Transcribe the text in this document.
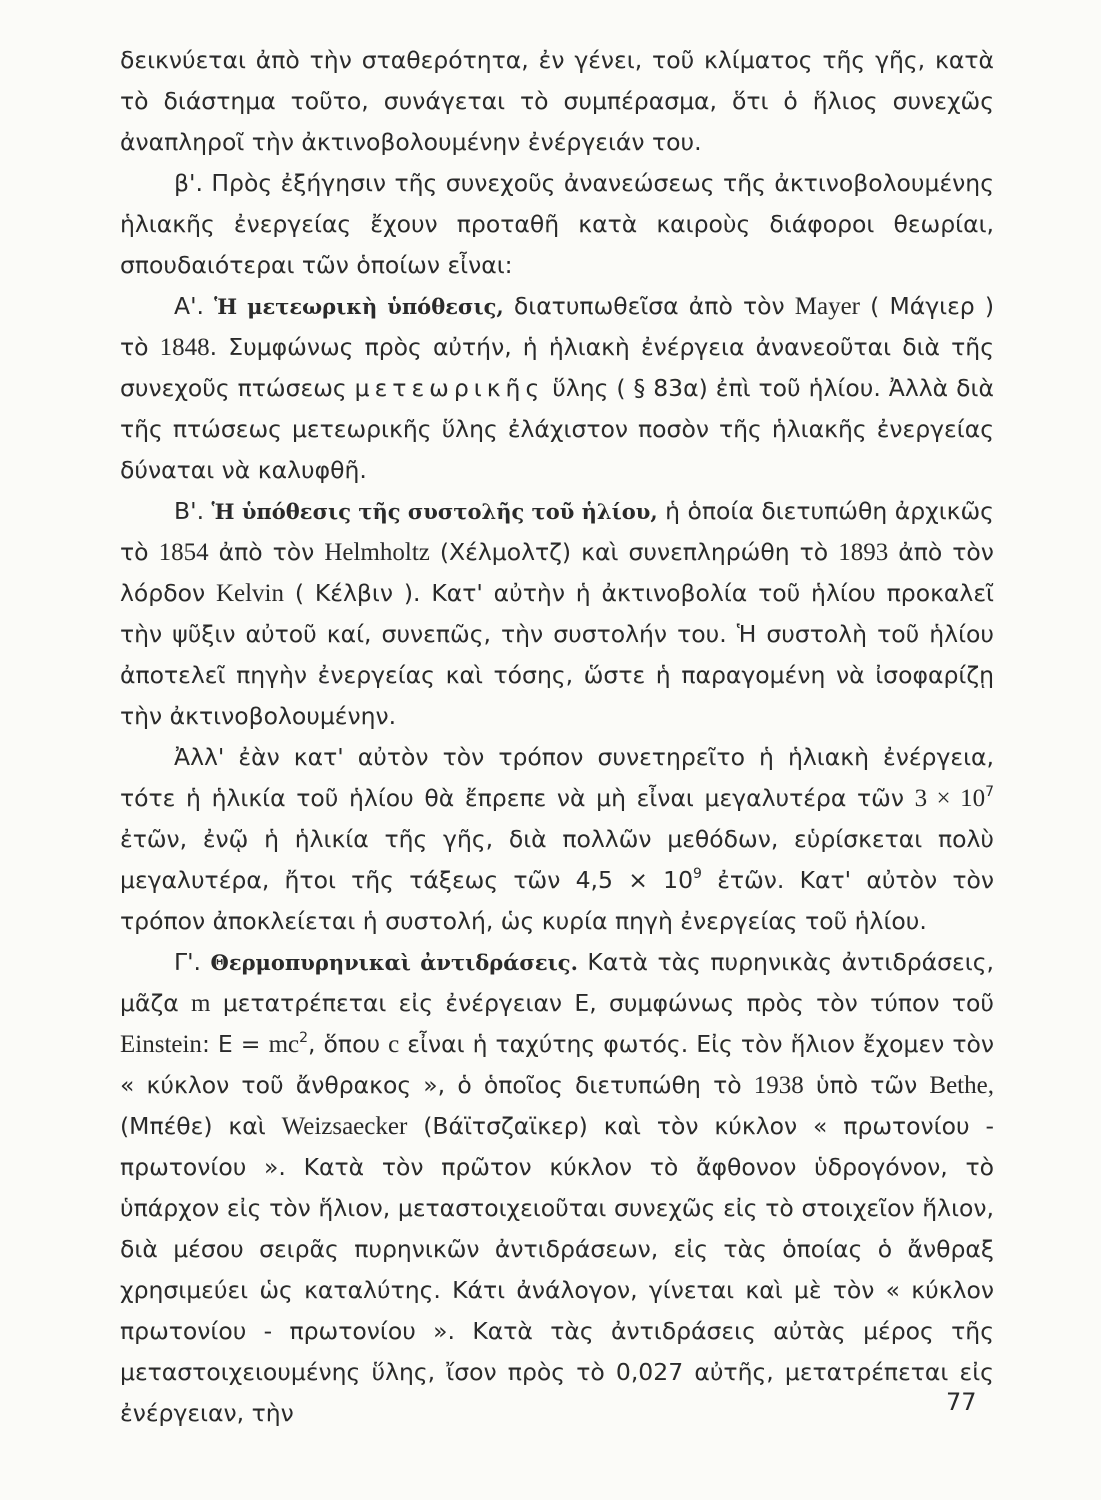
δεικνύεται ἀπὸ τὴν σταθερότητα, ἐν γένει, τοῦ κλίματος τῆς γῆς, κατὰ τὸ διάστημα τοῦτο, συνάγεται τὸ συμπέρασμα, ὅτι ὁ ἥλιος συνεχῶς ἀναπληροῖ τὴν ἀκτινοβολουμένην ἐνέργειάν του.

β'. Πρὸς ἐξήγησιν τῆς συνεχοῦς ἀνανεώσεως τῆς ἀκτινοβολουμένης ἡλιακῆς ἐνεργείας ἔχουν προταθῆ κατὰ καιροὺς διάφοροι θεωρίαι, σπουδαιότεραι τῶν ὁποίων εἶναι:

Α'. Ἡ μετεωρικὴ ὑπόθεσις, διατυπωθεῖσα ἀπὸ τὸν Mayer ( Μάγιερ ) τὸ 1848. Συμφώνως πρὸς αὐτήν, ἡ ἡλιακὴ ἐνέργεια ἀνανεοῦται διὰ τῆς συνεχοῦς πτώσεως μετεωρικῆς ὕλης ( § 83α) ἐπὶ τοῦ ἡλίου. Ἀλλὰ διὰ τῆς πτώσεως μετεωρικῆς ὕλης ἐλάχιστον ποσὸν τῆς ἡλιακῆς ἐνεργείας δύναται νὰ καλυφθῆ.

Β'. Ἡ ὑπόθεσις τῆς συστολῆς τοῦ ἡλίου, ἡ ὁποία διετυπώθη ἀρχικῶς τὸ 1854 ἀπὸ τὸν Helmholtz (Χέλμολτζ) καὶ συνεπληρώθη τὸ 1893 ἀπὸ τὸν λόρδον Kelvin ( Κέλβιν ). Κατ' αὐτὴν ἡ ἀκτινοβολία τοῦ ἡλίου προκαλεῖ τὴν ψῦξιν αὐτοῦ καί, συνεπῶς, τὴν συστολήν του. Ἡ συστολὴ τοῦ ἡλίου ἀποτελεῖ πηγὴν ἐνεργείας καὶ τόσης, ὥστε ἡ παραγομένη νὰ ἰσοφαρίζῃ τὴν ἀκτινοβολουμένην.

Ἀλλ' ἐὰν κατ' αὐτὸν τὸν τρόπον συνετηρεῖτο ἡ ἡλιακὴ ἐνέργεια, τότε ἡ ἡλικία τοῦ ἡλίου θὰ ἔπρεπε νὰ μὴ εἶναι μεγαλυτέρα τῶν $3 \times 10^7$ ἐτῶν, ἐνῷ ἡ ἡλικία τῆς γῆς, διὰ πολλῶν μεθόδων, εὑρίσκεται πολὺ μεγαλυτέρα, ἤτοι τῆς τάξεως τῶν $4,5 \times 10^9$ ἐτῶν. Κατ' αὐτὸν τὸν τρόπον ἀποκλείεται ἡ συστολή, ὡς κυρία πηγὴ ἐνεργείας τοῦ ἡλίου.

Γ'. Θερμοπυρηνικαὶ ἀντιδράσεις. Κατὰ τὰς πυρηνικὰς ἀντιδράσεις, μᾶζα m μετατρέπεται εἰς ἐνέργειαν Ε, συμφώνως πρὸς τὸν τύπον τοῦ Einstein: $E = mc^2$, ὅπου c εἶναι ἡ ταχύτης φωτός. Εἰς τὸν ἥλιον ἔχομεν τὸν « κύκλον τοῦ ἄνθρακος », ὁ ὁποῖος διετυπώθη τὸ 1938 ὑπὸ τῶν Bethe, (Μπέθε) καὶ Weizsaecker (Βάϊτσζαϊκερ) καὶ τὸν κύκλον « πρωτονίου - πρωτονίου ». Κατὰ τὸν πρῶτον κύκλον τὸ ἄφθονον ὑδρογόνον, τὸ ὑπάρχον εἰς τὸν ἥλιον, μεταστοιχειοῦται συνεχῶς εἰς τὸ στοιχεῖον ἥλιον, διὰ μέσου σειρᾶς πυρηνικῶν ἀντιδράσεων, εἰς τὰς ὁποίας ὁ ἄνθραξ χρησιμεύει ὡς καταλύτης. Κάτι ἀνάλογον, γίνεται καὶ μὲ τὸν « κύκλον πρωτονίου - πρωτονίου ». Κατὰ τὰς ἀντιδράσεις αὐτὰς μέρος τῆς μεταστοιχειουμένης ὕλης, ἴσον πρὸς τὸ 0,027 αὐτῆς, μετατρέπεται εἰς ἐνέργειαν, τὴν	77
